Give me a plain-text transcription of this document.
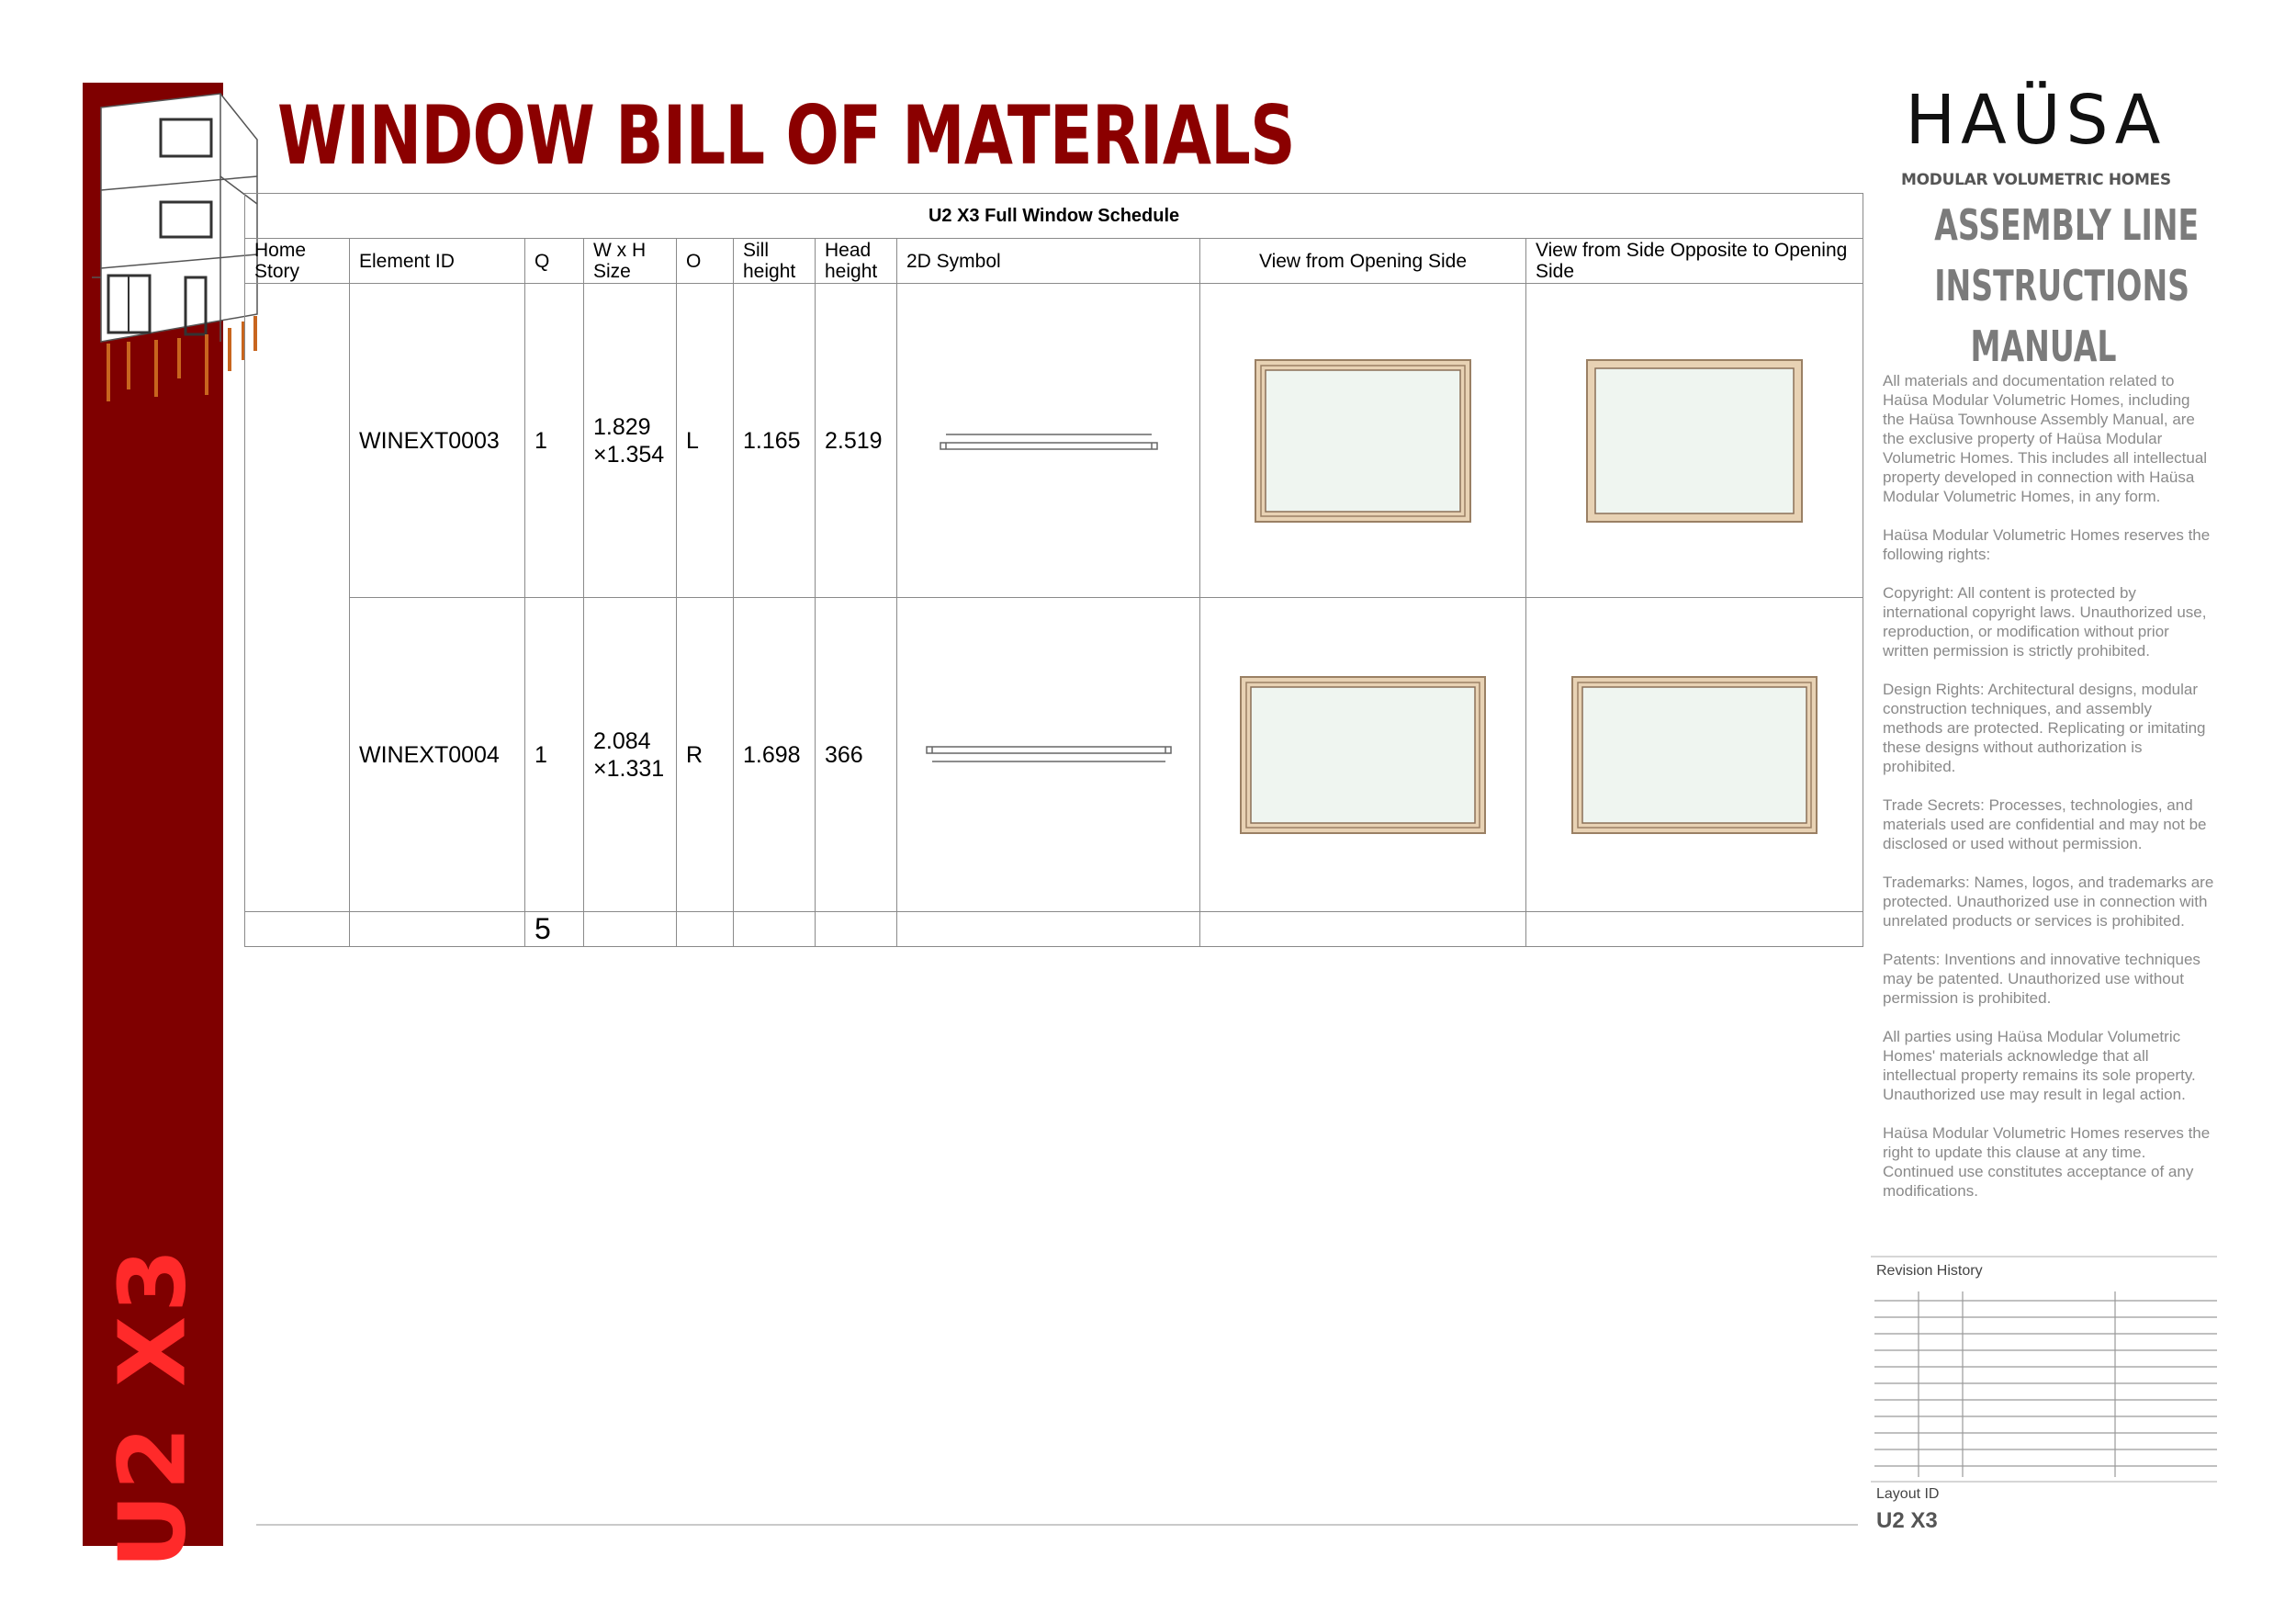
U2 X3
WINDOW BILL OF MATERIALS
U2 X3 Full Window Schedule									
Home Story	Element ID	Q	W x H Size	O	Sill height	Head height	2D Symbol	View from Opening Side	View from Side Opposite to Opening Side
	WINEXT0003	1	1.829 ×1.354	L	1.165	2.519

	WINEXT0004	1	2.084 ×1.331	R	1.698	366

		5							
HAÜSA

MODULAR VOLUMETRIC HOMES

ASSEMBLY LINE
INSTRUCTIONS
MANUAL

All materials and documentation related to Haüsa Modular Volumetric Homes, including the Haüsa Townhouse Assembly Manual, are the exclusive property of Haüsa Modular Volumetric Homes. This includes all intellectual property developed in connection with Haüsa Modular Volumetric Homes, in any form.

Haüsa Modular Volumetric Homes reserves the following rights:

Copyright: All content is protected by international copyright laws. Unauthorized use, reproduction, or modification without prior written permission is strictly prohibited.

Design Rights: Architectural designs, modular construction techniques, and assembly methods are protected. Replicating or imitating these designs without authorization is prohibited.

Trade Secrets: Processes, technologies, and materials used are confidential and may not be disclosed or used without permission.

Trademarks: Names, logos, and trademarks are protected. Unauthorized use in connection with unrelated products or services is prohibited.

Patents: Inventions and innovative techniques may be patented. Unauthorized use without permission is prohibited.

All parties using Haüsa Modular Volumetric Homes' materials acknowledge that all intellectual property remains its sole property. Unauthorized use may result in legal action.

Haüsa Modular Volumetric Homes reserves the right to update this clause at any time. Continued use constitutes acceptance of any modifications.

Revision History

Layout ID
U2 X3
